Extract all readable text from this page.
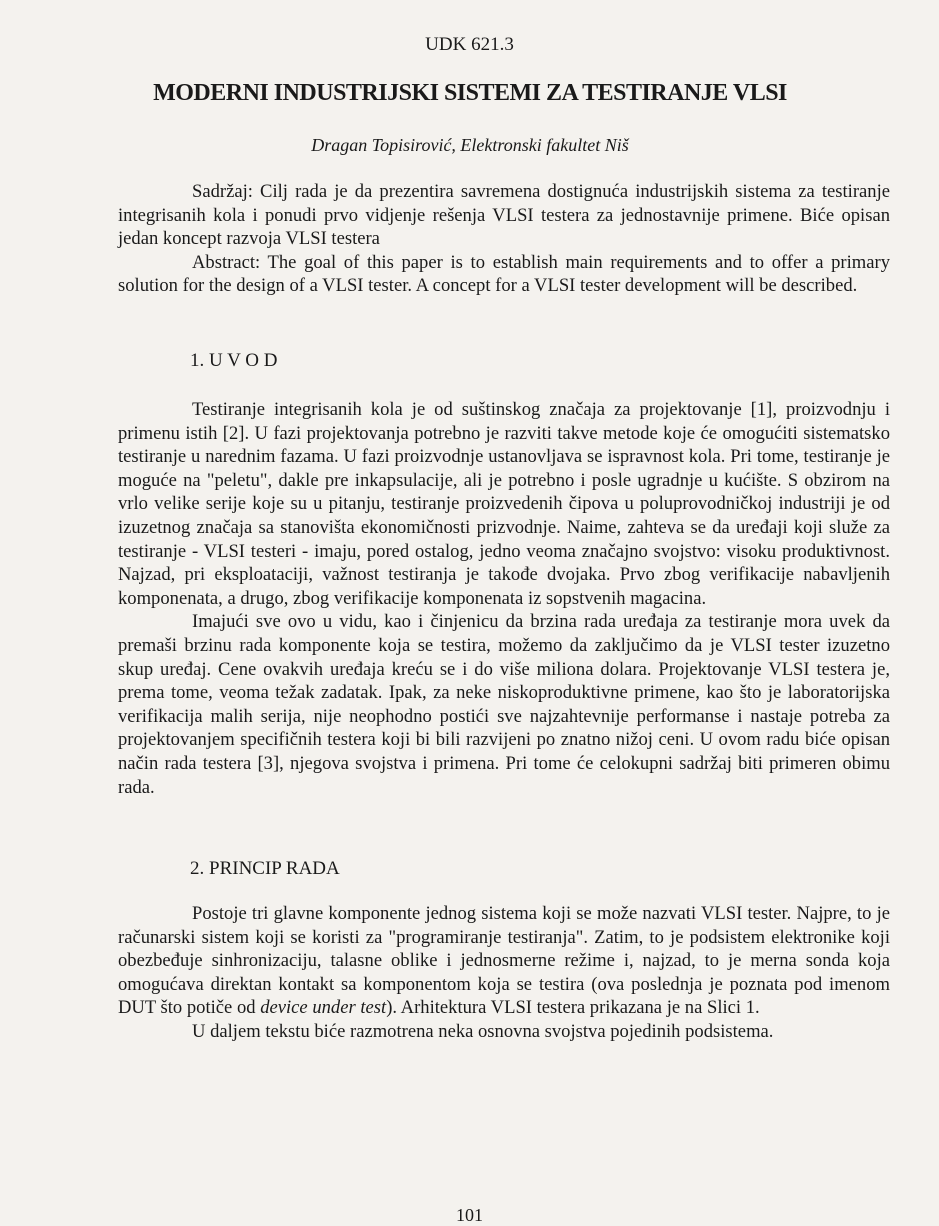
UDK 621.3
MODERNI INDUSTRIJSKI SISTEMI ZA TESTIRANJE VLSI
Dragan Topisirović, Elektronski fakultet Niš

Sadržaj: Cilj rada je da prezentira savremena dostignuća industrijskih sistema za testiranje integrisanih kola i ponudi prvo vidjenje rešenja VLSI testera za jednostavnije primene. Biće opisan jedan koncept razvoja VLSI testera

Abstract: The goal of this paper is to establish main requirements and to offer a primary solution for the design of a VLSI tester. A concept for a VLSI tester development will be described.

1. U V O D

Testiranje integrisanih kola je od suštinskog značaja za projektovanje [1], proizvodnju i primenu istih [2]. U fazi projektovanja potrebno je razviti takve metode koje će omogućiti sistematsko testiranje u narednim fazama. U fazi proizvodnje ustanovljava se ispravnost kola. Pri tome, testiranje je moguće na "peletu", dakle pre inkapsulacije, ali je potrebno i posle ugradnje u kućište. S obzirom na vrlo velike serije koje su u pitanju, testiranje proizvedenih čipova u poluprovodničkoj industriji je od izuzetnog značaja sa stanovišta ekonomičnosti prizvodnje. Naime, zahteva se da uređaji koji služe za testiranje - VLSI testeri - imaju, pored ostalog, jedno veoma značajno svojstvo: visoku produktivnost. Najzad, pri eksploataciji, važnost testiranja je takođe dvojaka. Prvo zbog verifikacije nabavljenih komponenata, a drugo, zbog verifikacije komponenata iz sopstvenih magacina.

Imajući sve ovo u vidu, kao i činjenicu da brzina rada uređaja za testiranje mora uvek da premaši brzinu rada komponente koja se testira, možemo da zaključimo da je VLSI tester izuzetno skup uređaj. Cene ovakvih uređaja kreću se i do više miliona dolara. Projektovanje VLSI testera je, prema tome, veoma težak zadatak. Ipak, za neke niskoproduktivne primene, kao što je laboratorijska verifikacija malih serija, nije neophodno postići sve najzahtevnije performanse i nastaje potreba za projektovanjem specifičnih testera koji bi bili razvijeni po znatno nižoj ceni. U ovom radu biće opisan način rada testera [3], njegova svojstva i primena. Pri tome će celokupni sadržaj biti primeren obimu rada.

2. PRINCIP RADA

Postoje tri glavne komponente jednog sistema koji se može nazvati VLSI tester. Najpre, to je računarski sistem koji se koristi za "programiranje testiranja". Zatim, to je podsistem elektronike koji obezbeđuje sinhronizaciju, talasne oblike i jednosmerne režime i, najzad, to je merna sonda koja omogućava direktan kontakt sa komponentom koja se testira (ova poslednja je poznata pod imenom DUT što potiče od device under test). Arhitektura VLSI testera prikazana je na Slici 1.

U daljem tekstu biće razmotrena neka osnovna svojstva pojedinih podsistema.

101
